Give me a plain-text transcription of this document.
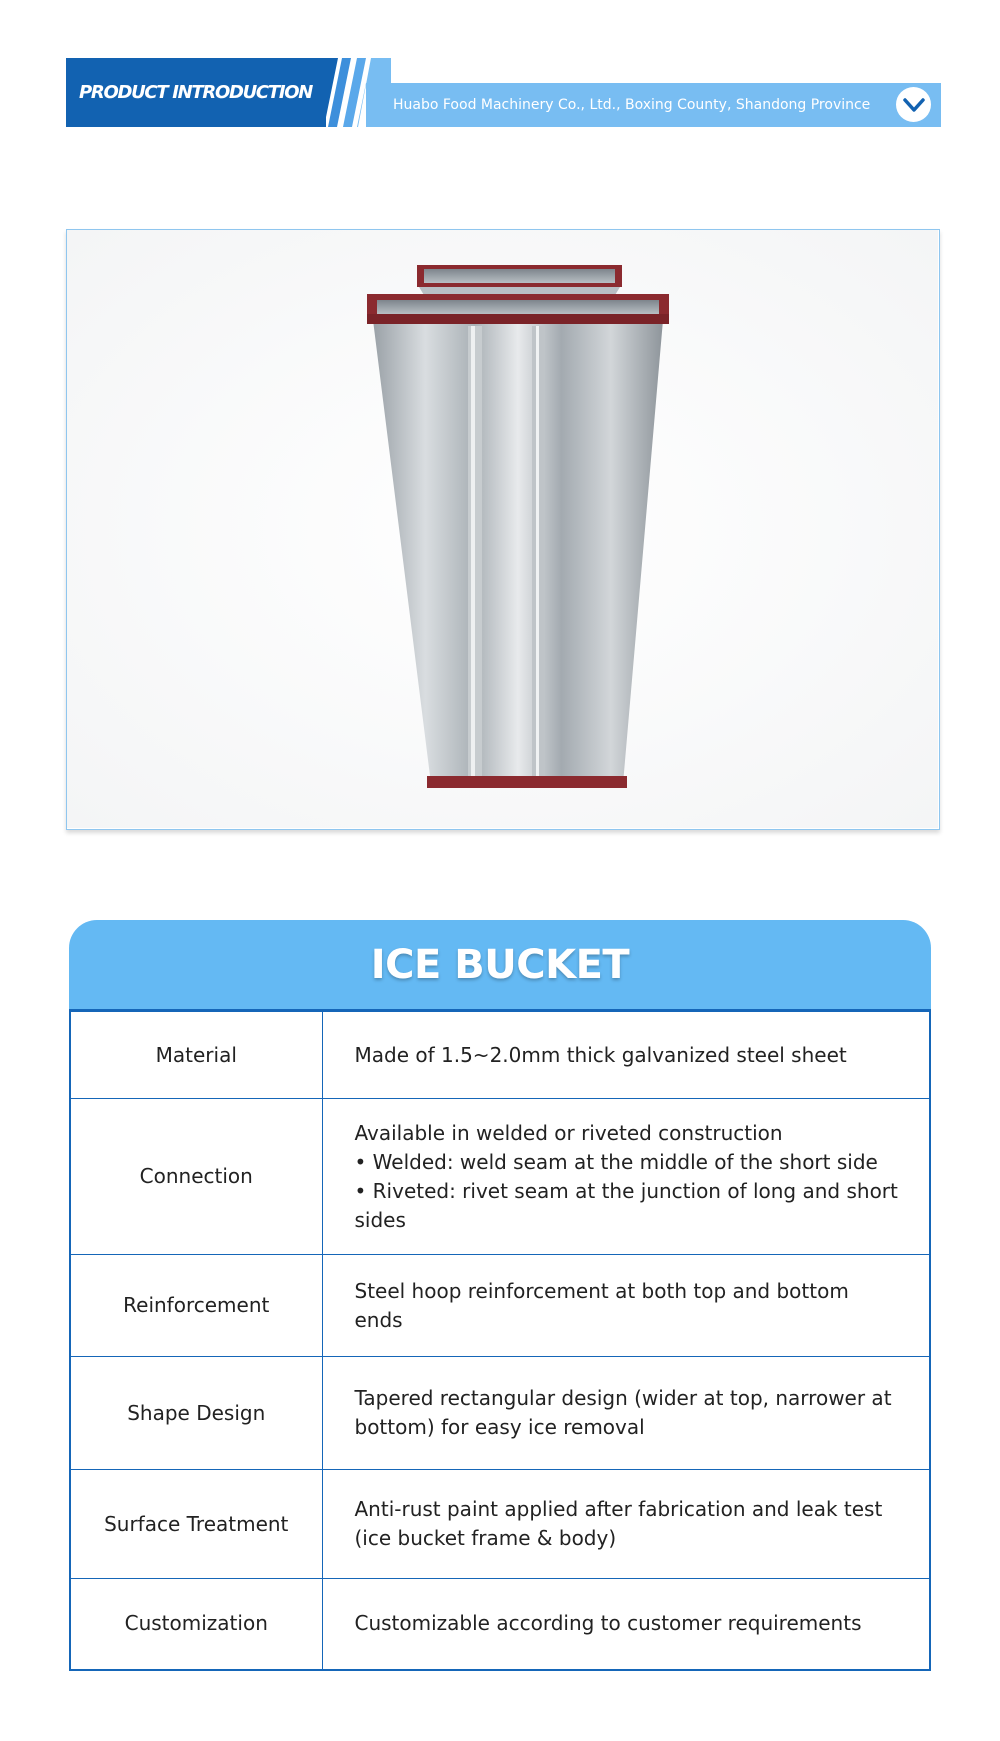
PRODUCT INTRODUCTION
Huabo Food Machinery Co., Ltd., Boxing County, Shandong Province
ICE BUCKET
Material	Made of 1.5~2.0mm thick galvanized steel sheet

Connection	Available in welded or riveted construction
• Welded: weld seam at the middle of the short side
• Riveted: rivet seam at the junction of long and short sides

Reinforcement	Steel hoop reinforcement at both top and bottom ends

Shape Design	Tapered rectangular design (wider at top, narrower at bottom) for easy ice removal

Surface Treatment	Anti-rust paint applied after fabrication and leak test (ice bucket frame & body)

Customization	Customizable according to customer requirements
